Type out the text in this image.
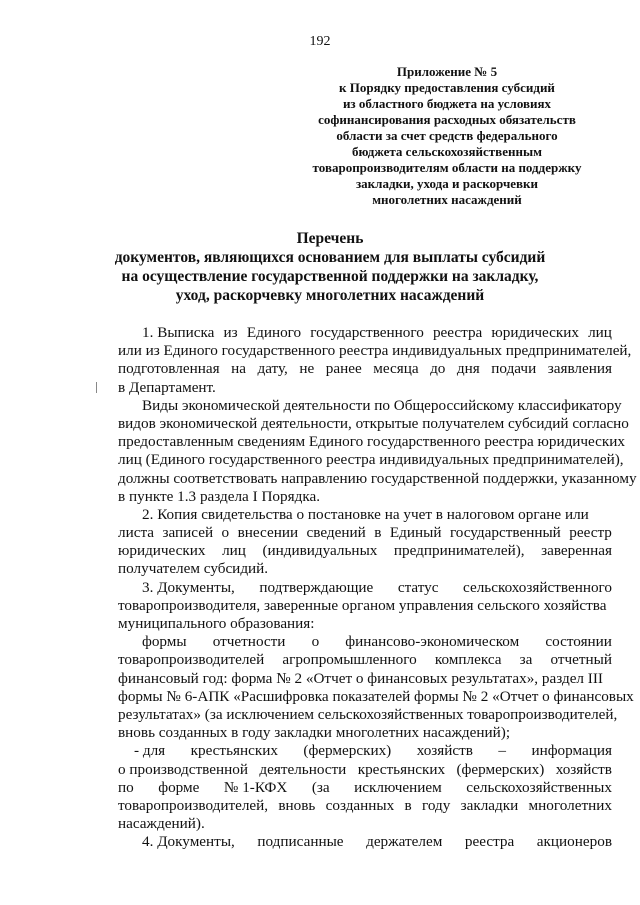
192
Приложение № 5
к Порядку предоставления субсидий
из областного бюджета на условиях
софинансирования расходных обязательств
области за счет средств федерального
бюджета сельскохозяйственным
товаропроизводителям области на поддержку
закладки, ухода и раскорчевки
многолетних насаждений
Перечень
документов, являющихся основанием для выплаты субсидий
на осуществление государственной поддержки на закладку,
уход, раскорчевку многолетних насаждений
1. Выписка из Единого государственного реестра юридических лиц
или из Единого государственного реестра индивидуальных предпринимателей,
подготовленная на дату, не ранее месяца до дня подачи заявления
в Департамент.
Виды экономической деятельности по Общероссийскому классификатору
видов экономической деятельности, открытые получателем субсидий согласно
предоставленным сведениям Единого государственного реестра юридических
лиц (Единого государственного реестра индивидуальных предпринимателей),
должны соответствовать направлению государственной поддержки, указанному
в пункте 1.3 раздела I Порядка.
2. Копия свидетельства о постановке на учет в налоговом органе или
листа записей о внесении сведений в Единый государственный реестр
юридических лиц (индивидуальных предпринимателей), заверенная
получателем субсидий.
3. Документы, подтверждающие статус сельскохозяйственного
товаропроизводителя, заверенные органом управления сельского хозяйства
муниципального образования:
формы отчетности о финансово-экономическом состоянии
товаропроизводителей агропромышленного комплекса за отчетный
финансовый год: форма № 2 «Отчет о финансовых результатах», раздел III
формы № 6-АПК «Расшифровка показателей формы № 2 «Отчет о финансовых
результатах» (за исключением сельскохозяйственных товаропроизводителей,
вновь созданных в году закладки многолетних насаждений);
- для крестьянских (фермерских) хозяйств – информация
о производственной деятельности крестьянских (фермерских) хозяйств
по форме № 1-КФХ (за исключением сельскохозяйственных
товаропроизводителей, вновь созданных в году закладки многолетних
насаждений).
4. Документы, подписанные держателем реестра акционеров
